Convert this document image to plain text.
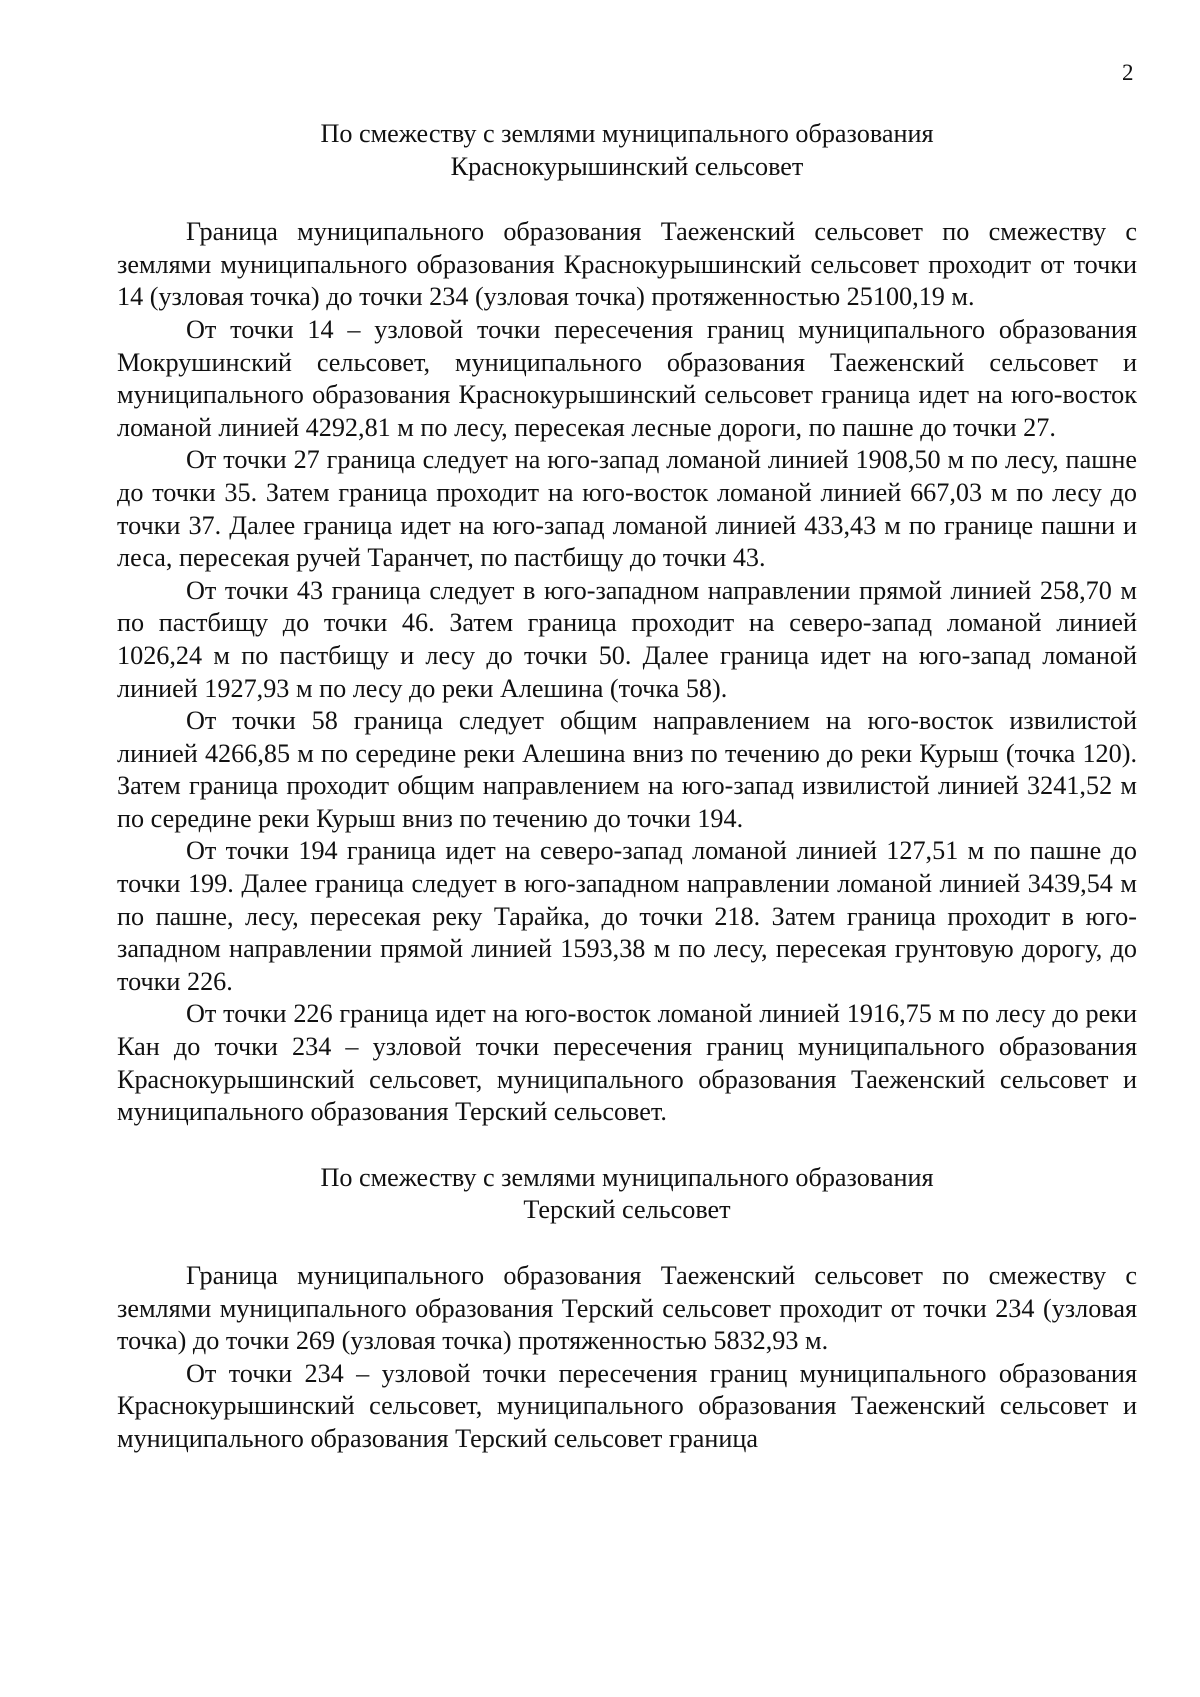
2
По смежеству с землями муниципального образования
Краснокурышинский сельсовет

Граница муниципального образования Таеженский сельсовет по смежеству с землями муниципального образования Краснокурышинский сельсовет проходит от точки 14 (узловая точка) до точки 234 (узловая точка) протяженностью 25100,19 м.

От точки 14 – узловой точки пересечения границ муниципального образования Мокрушинский сельсовет, муниципального образования Таеженский сельсовет и муниципального образования Краснокурышинский сельсовет граница идет на юго-восток ломаной линией 4292,81 м по лесу, пересекая лесные дороги, по пашне до точки 27.

От точки 27 граница следует на юго-запад ломаной линией 1908,50 м по лесу, пашне до точки 35. Затем граница проходит на юго-восток ломаной линией 667,03 м по лесу до точки 37. Далее граница идет на юго-запад ломаной линией 433,43 м по границе пашни и леса, пересекая ручей Таранчет, по пастбищу до точки 43.

От точки 43 граница следует в юго-западном направлении прямой линией 258,70 м по пастбищу до точки 46. Затем граница проходит на северо-запад ломаной линией 1026,24 м по пастбищу и лесу до точки 50. Далее граница идет на юго-запад ломаной линией 1927,93 м по лесу до реки Алешина (точка 58).

От точки 58 граница следует общим направлением на юго-восток извилистой линией 4266,85 м по середине реки Алешина вниз по течению до реки Курыш (точка 120). Затем граница проходит общим направлением на юго-запад извилистой линией 3241,52 м по середине реки Курыш вниз по течению до точки 194.

От точки 194 граница идет на северо-запад ломаной линией 127,51 м по пашне до точки 199. Далее граница следует в юго-западном направлении ломаной линией 3439,54 м по пашне, лесу, пересекая реку Тарайка, до точки 218. Затем граница проходит в юго-западном направлении прямой линией 1593,38 м по лесу, пересекая грунтовую дорогу, до точки 226.

От точки 226 граница идет на юго-восток ломаной линией 1916,75 м по лесу до реки Кан до точки 234 – узловой точки пересечения границ муниципального образования Краснокурышинский сельсовет, муниципального образования Таеженский сельсовет и муниципального образования Терский сельсовет.

По смежеству с землями муниципального образования
Терский сельсовет

Граница муниципального образования Таеженский сельсовет по смежеству с землями муниципального образования Терский сельсовет проходит от точки 234 (узловая точка) до точки 269 (узловая точка) протяженностью 5832,93 м.

От точки 234 – узловой точки пересечения границ муниципального образования Краснокурышинский сельсовет, муниципального образования Таеженский сельсовет и муниципального образования Терский сельсовет граница
